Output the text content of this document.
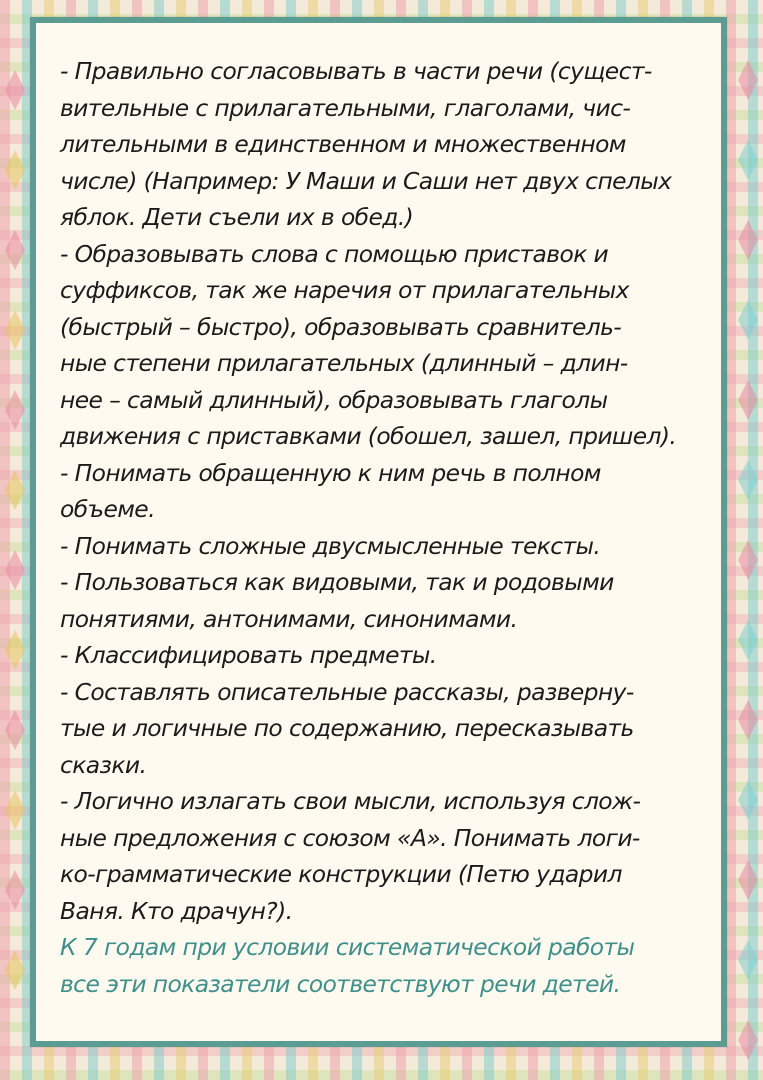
- Правильно согласовывать в части речи (сущест-
вительные с прилагательными, глаголами, чис-
лительными в единственном и множественном
числе) (Например: У Маши и Саши нет двух спелых
яблок. Дети съели их в обед.)
- Образовывать слова с помощью приставок и
суффиксов, так же наречия от прилагательных
(быстрый – быстро), образовывать сравнитель-
ные степени прилагательных (длинный – длин-
нее – самый длинный), образовывать глаголы
движения с приставками (обошел, зашел, пришел).
- Понимать обращенную к ним речь в полном
объеме.
- Понимать сложные двусмысленные тексты.
- Пользоваться как видовыми, так и родовыми
понятиями, антонимами, синонимами.
- Классифицировать предметы.
- Составлять описательные рассказы, разверну-
тые и логичные по содержанию, пересказывать
сказки.
- Логично излагать свои мысли, используя слож-
ные предложения с союзом «А». Понимать логи-
ко-грамматические конструкции (Петю ударил
Ваня. Кто драчун?).
К 7 годам при условии систематической работы
все эти показатели соответствуют речи детей.
